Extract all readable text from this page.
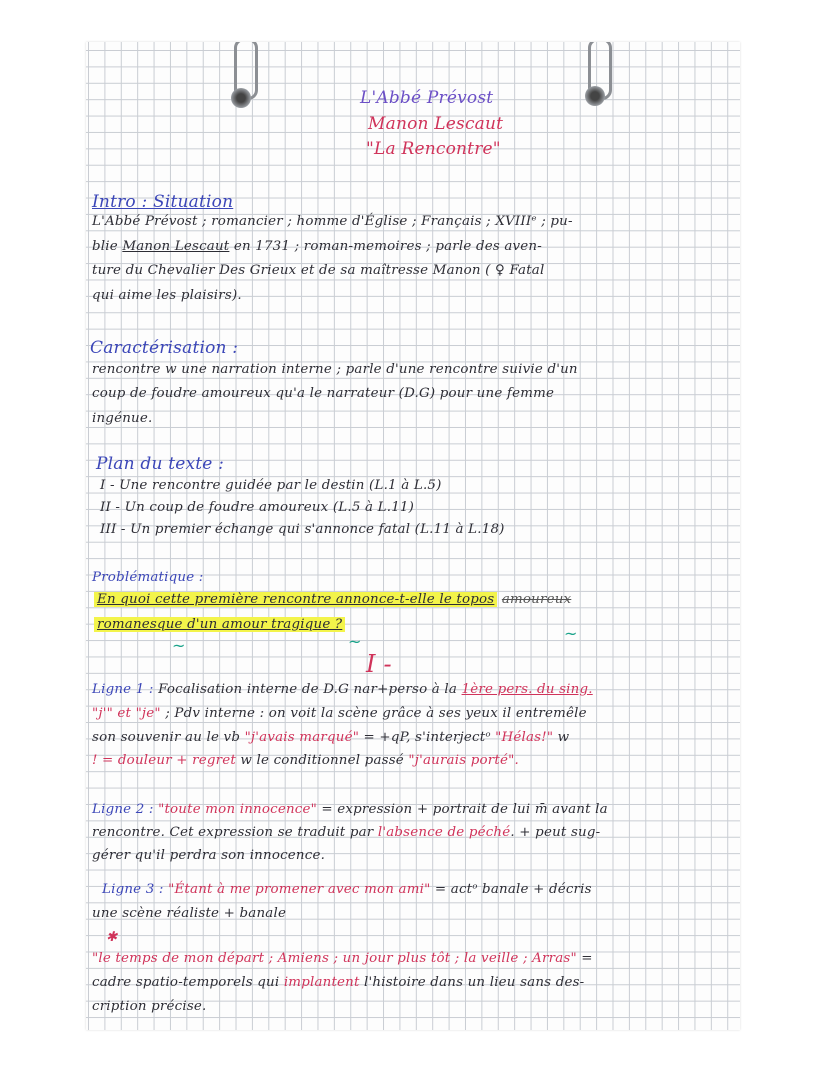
L'Abbé Prévost
Manon Lescaut
"La Rencontre"
Intro : Situation
L'Abbé Prévost ; romancier ; homme d'Église ; Français ; XVIIIᵉ ; pu-
blie Manon Lescaut en 1731 ; roman-memoires ; parle des aven-
ture du Chevalier Des Grieux et de sa maîtresse Manon ( ♀ Fatal
qui aime les plaisirs).
Caractérisation :
rencontre w une narration interne ; parle d'une rencontre suivie d'un
coup de foudre amoureux qu'a le narrateur (D.G) pour une femme
ingénue.
Plan du texte :
I - Une rencontre guidée par le destin (L.1 à L.5)
II - Un coup de foudre amoureux (L.5 à L.11)
III - Un premier échange qui s'annonce fatal (L.11 à L.18)
Problématique :
En quoi cette première rencontre annonce-t-elle le topos amoureux
romanesque d'un amour tragique ?
~	~	~
I -
Ligne 1 : Focalisation interne de D.G nar+perso à la 1ère pers. du sing.
"j'" et "je" ; Pdv interne : on voit la scène grâce à ses yeux il entremêle
son souvenir au le vb "j'avais marqué" = +qP, s'interjectᵒ "Hélas!" w
! = douleur + regret w le conditionnel passé "j'aurais porté".
Ligne 2 : "toute mon innocence" = expression + portrait de lui m̄ avant la
rencontre. Cet expression se traduit par l'absence de péché. + peut sug-
gérer qu'il perdra son innocence.
Ligne 3 : "Étant à me promener avec mon ami" = actᵒ banale + décris
une scène réaliste + banale
✱
"le temps de mon départ ; Amiens ; un jour plus tôt ; la veille ; Arras" =
cadre spatio-temporels qui implantent l'histoire dans un lieu sans des-
cription précise.
